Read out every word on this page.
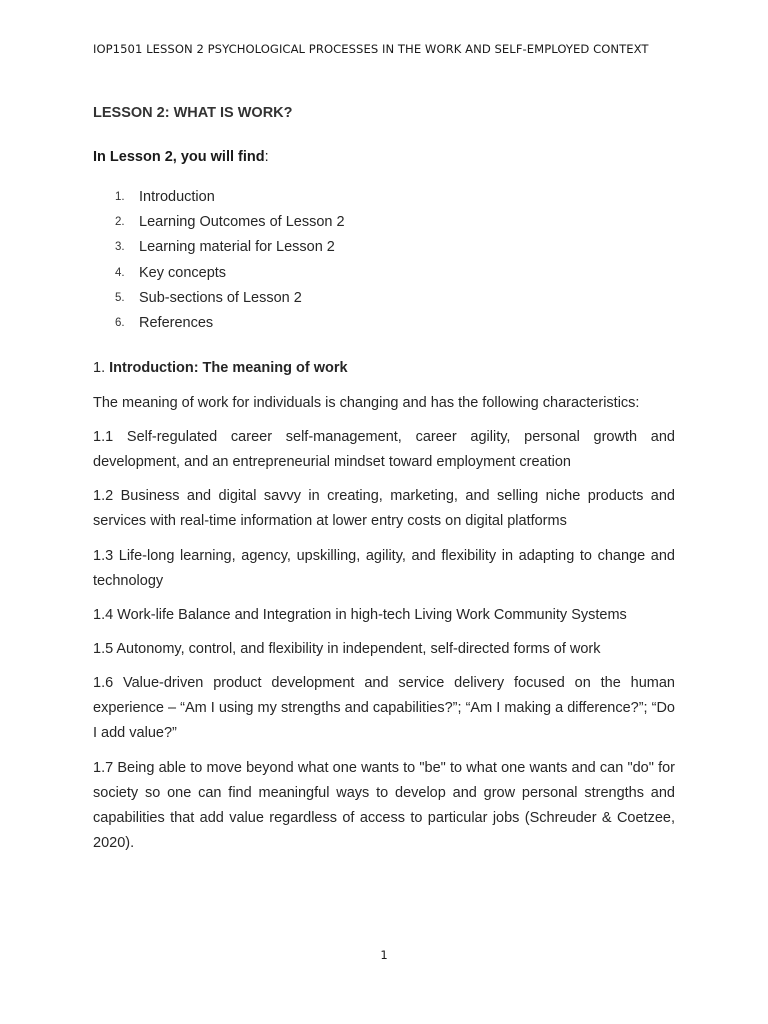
IOP1501 LESSON 2 PSYCHOLOGICAL PROCESSES IN THE WORK AND SELF-EMPLOYED CONTEXT
LESSON 2: WHAT IS WORK?
In Lesson 2, you will find:
1. Introduction
2. Learning Outcomes of Lesson 2
3. Learning material for Lesson 2
4. Key concepts
5. Sub-sections of Lesson 2
6. References
1. Introduction: The meaning of work
The meaning of work for individuals is changing and has the following characteristics:
1.1 Self-regulated career self-management, career agility, personal growth and development, and an entrepreneurial mindset toward employment creation
1.2 Business and digital savvy in creating, marketing, and selling niche products and services with real-time information at lower entry costs on digital platforms
1.3 Life-long learning, agency, upskilling, agility, and flexibility in adapting to change and technology
1.4 Work-life Balance and Integration in high-tech Living Work Community Systems
1.5 Autonomy, control, and flexibility in independent, self-directed forms of work
1.6 Value-driven product development and service delivery focused on the human experience – “Am I using my strengths and capabilities?”; “Am I making a difference?”; “Do I add value?”
1.7 Being able to move beyond what one wants to "be" to what one wants and can "do" for society so one can find meaningful ways to develop and grow personal strengths and capabilities that add value regardless of access to particular jobs (Schreuder & Coetzee, 2020).
1
